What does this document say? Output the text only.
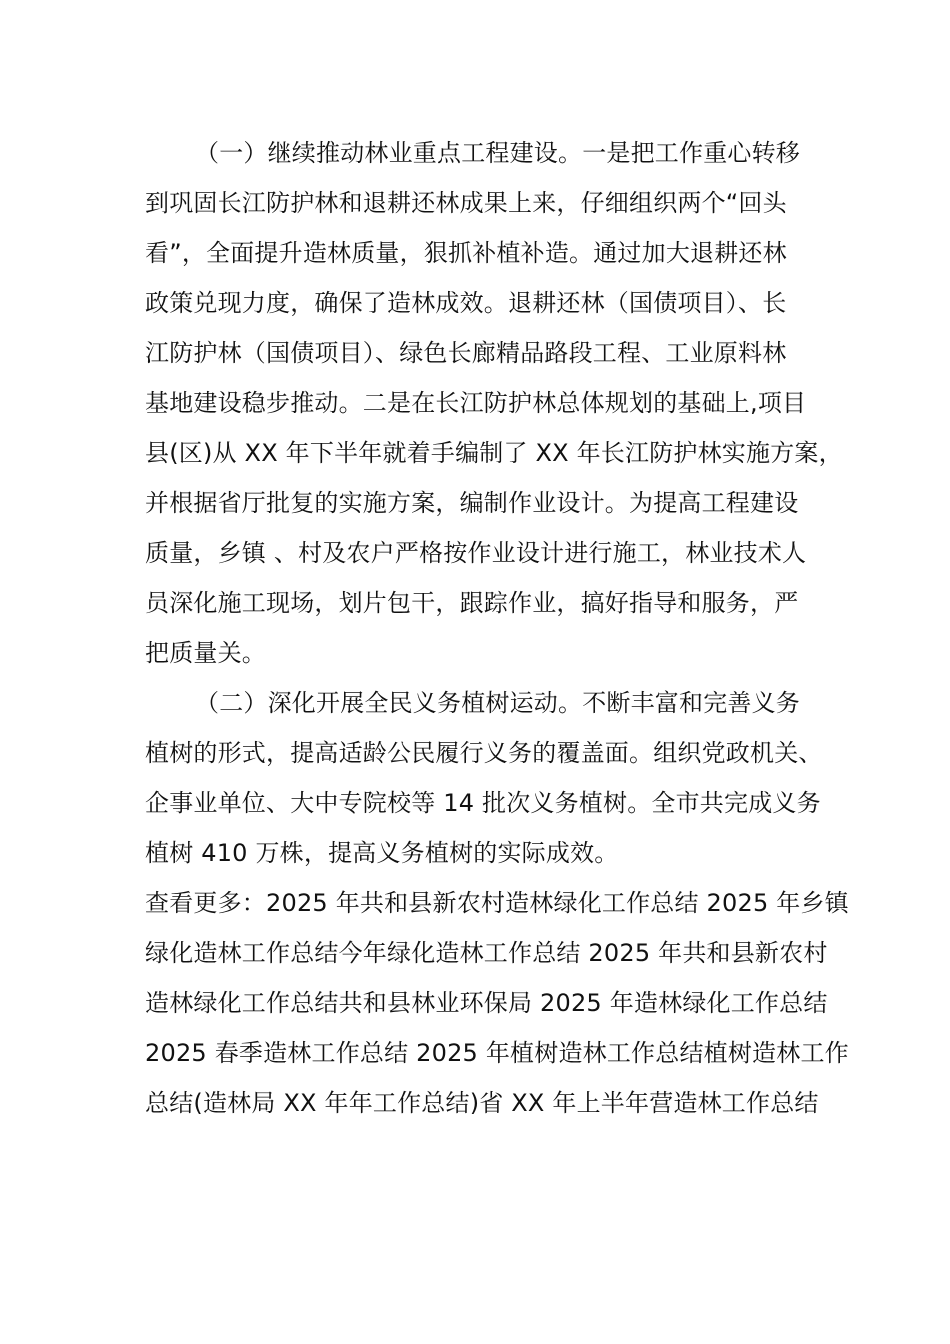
（一）继续推动林业重点工程建设。一是把工作重心转移
到巩固长江防护林和退耕还林成果上来，仔细组织两个“回头
看”，全面提升造林质量，狠抓补植补造。通过加大退耕还林
政策兑现力度，确保了造林成效。退耕还林（国债项目）、长
江防护林（国债项目）、绿色长廊精品路段工程、工业原料林
基地建设稳步推动。二是在长江防护林总体规划的基础上,项目
县(区)从 XX 年下半年就着手编制了 XX 年长江防护林实施方案，
并根据省厅批复的实施方案，编制作业设计。为提高工程建设
质量，乡镇 、村及农户严格按作业设计进行施工，林业技术人
员深化施工现场，划片包干，跟踪作业，搞好指导和服务，严
把质量关。
（二）深化开展全民义务植树运动。不断丰富和完善义务
植树的形式，提高适龄公民履行义务的覆盖面。组织党政机关、
企事业单位、大中专院校等 14 批次义务植树。全市共完成义务
植树 410 万株，提高义务植树的实际成效。
查看更多：2025 年共和县新农村造林绿化工作总结 2025 年乡镇
绿化造林工作总结今年绿化造林工作总结 2025 年共和县新农村
造林绿化工作总结共和县林业环保局 2025 年造林绿化工作总结
2025 春季造林工作总结 2025 年植树造林工作总结植树造林工作
总结(造林局 XX 年年工作总结)省 XX 年上半年营造林工作总结
